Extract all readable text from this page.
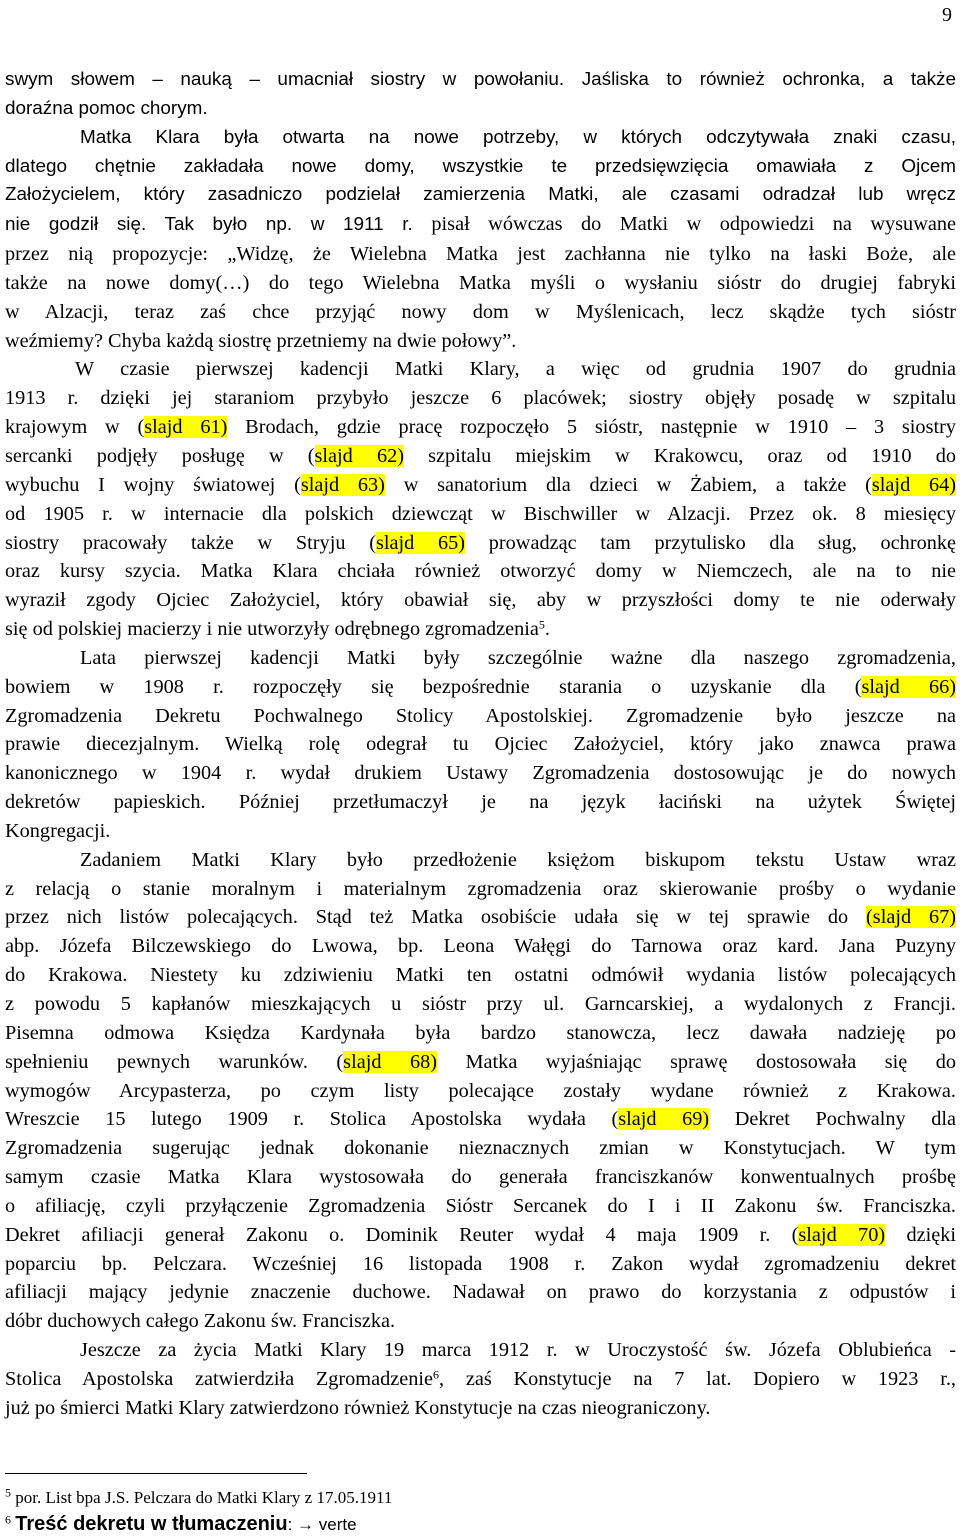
9
swym słowem – nauką – umacniał siostry w powołaniu. Jaśliska to również ochronka, a także
doraźna pomoc chorym.
Matka Klara była otwarta na nowe potrzeby, w których odczytywała znaki czasu,
dlatego chętnie zakładała nowe domy, wszystkie te przedsięwzięcia omawiała z Ojcem
Założycielem, który zasadniczo podzielał zamierzenia Matki, ale czasami odradzał lub wręcz
nie godził się. Tak było np. w 1911 r. pisał wówczas do Matki w odpowiedzi na wysuwane
przez nią propozycje: „Widzę, że Wielebna Matka jest zachłanna nie tylko na łaski Boże, ale
także na nowe domy(…) do tego Wielebna Matka myśli o wysłaniu sióstr do drugiej fabryki
w Alzacji, teraz zaś chce przyjąć nowy dom w Myślenicach, lecz skądże tych sióstr
weźmiemy? Chyba każdą siostrę przetniemy na dwie połowy”.
W czasie pierwszej kadencji Matki Klary, a więc od grudnia 1907 do grudnia
1913 r. dzięki jej staraniom przybyło jeszcze 6 placówek; siostry objęły posadę w szpitalu
krajowym w (slajd 61) Brodach, gdzie pracę rozpoczęło 5 sióstr, następnie w 1910 – 3 siostry
sercanki podjęły posługę w (slajd 62) szpitalu miejskim w Krakowcu, oraz od 1910 do
wybuchu I wojny światowej (slajd 63) w sanatorium dla dzieci w Żabiem, a także (slajd 64)
od 1905 r. w internacie dla polskich dziewcząt w Bischwiller w Alzacji. Przez ok. 8 miesięcy
siostry pracowały także w Stryju (slajd 65) prowadząc tam przytulisko dla sług, ochronkę
oraz kursy szycia. Matka Klara chciała również otworzyć domy w Niemczech, ale na to nie
wyraził zgody Ojciec Założyciel, który obawiał się, aby w przyszłości domy te nie oderwały
się od polskiej macierzy i nie utworzyły odrębnego zgromadzenia$^5$.
Lata pierwszej kadencji Matki były szczególnie ważne dla naszego zgromadzenia,
bowiem w 1908 r. rozpoczęły się bezpośrednie starania o uzyskanie dla (slajd 66)
Zgromadzenia Dekretu Pochwalnego Stolicy Apostolskiej. Zgromadzenie było jeszcze na
prawie diecezjalnym. Wielką rolę odegrał tu Ojciec Założyciel, który jako znawca prawa
kanonicznego w 1904 r. wydał drukiem Ustawy Zgromadzenia dostosowując je do nowych
dekretów papieskich. Później przetłumaczył je na język łaciński na użytek Świętej
Kongregacji.
Zadaniem Matki Klary było przedłożenie księżom biskupom tekstu Ustaw wraz
z relacją o stanie moralnym i materialnym zgromadzenia oraz skierowanie prośby o wydanie
przez nich listów polecających. Stąd też Matka osobiście udała się w tej sprawie do (slajd 67)
abp. Józefa Bilczewskiego do Lwowa, bp. Leona Wałęgi do Tarnowa oraz kard. Jana Puzyny
do Krakowa. Niestety ku zdziwieniu Matki ten ostatni odmówił wydania listów polecających
z powodu 5 kapłanów mieszkających u sióstr przy ul. Garncarskiej, a wydalonych z Francji.
Pisemna odmowa Księdza Kardynała była bardzo stanowcza, lecz dawała nadzieję po
spełnieniu pewnych warunków. (slajd 68) Matka wyjaśniając sprawę dostosowała się do
wymogów Arcypasterza, po czym listy polecające zostały wydane również z Krakowa.
Wreszcie 15 lutego 1909 r. Stolica Apostolska wydała (slajd 69) Dekret Pochwalny dla
Zgromadzenia sugerując jednak dokonanie nieznacznych zmian w Konstytucjach. W tym
samym czasie Matka Klara wystosowała do generała franciszkanów konwentualnych prośbę
o afiliację, czyli przyłączenie Zgromadzenia Sióstr Sercanek do I i II Zakonu św. Franciszka.
Dekret afiliacji generał Zakonu o. Dominik Reuter wydał 4 maja 1909 r. (slajd 70) dzięki
poparciu bp. Pelczara. Wcześniej 16 listopada 1908 r. Zakon wydał zgromadzeniu dekret
afiliacji mający jedynie znaczenie duchowe. Nadawał on prawo do korzystania z odpustów i
dóbr duchowych całego Zakonu św. Franciszka.
Jeszcze za życia Matki Klary 19 marca 1912 r. w Uroczystość św. Józefa Oblubieńca -
Stolica Apostolska zatwierdziła Zgromadzenie$^6$, zaś Konstytucje na 7 lat. Dopiero w 1923 r.,
już po śmierci Matki Klary zatwierdzono również Konstytucje na czas nieograniczony.
$^5$ por. List bpa J.S. Pelczara do Matki Klary z 17.05.1911
$^6$ Treść dekretu w tłumaczeniu: → verte
